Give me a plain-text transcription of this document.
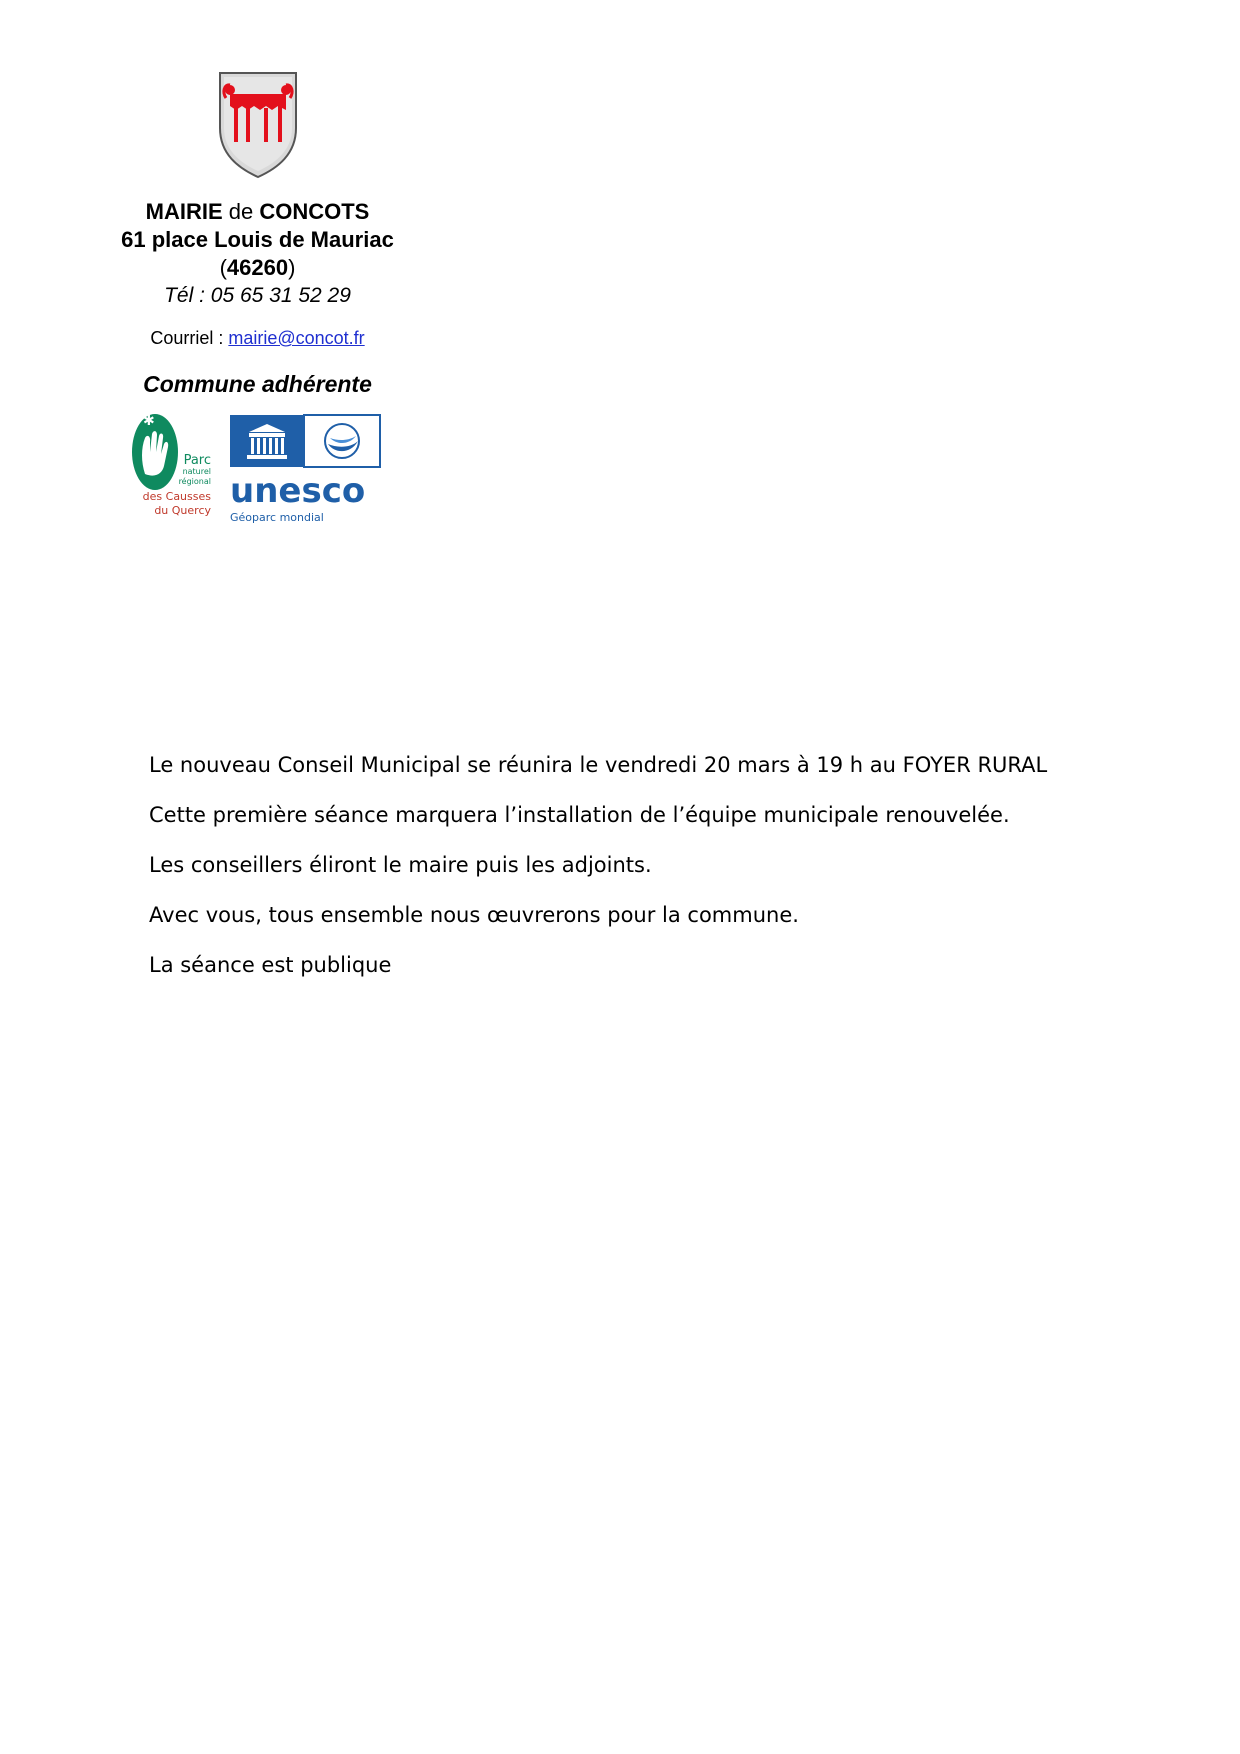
MAIRIE de CONCOTS
61 place Louis de Mauriac
(46260)
Tél : 05 65 31 52 29
Courriel : mairie@concot.fr
Commune adhérente
✱
Parc
naturel
régional
des Causses
du Quercy unesco
Géoparc mondial

Le nouveau Conseil Municipal se réunira le vendredi 20 mars à 19 h au FOYER RURAL

Cette première séance marquera l’installation de l’équipe municipale renouvelée.

Les conseillers éliront le maire puis les adjoints.

Avec vous, tous ensemble nous œuvrerons pour la commune.

La séance est publique
